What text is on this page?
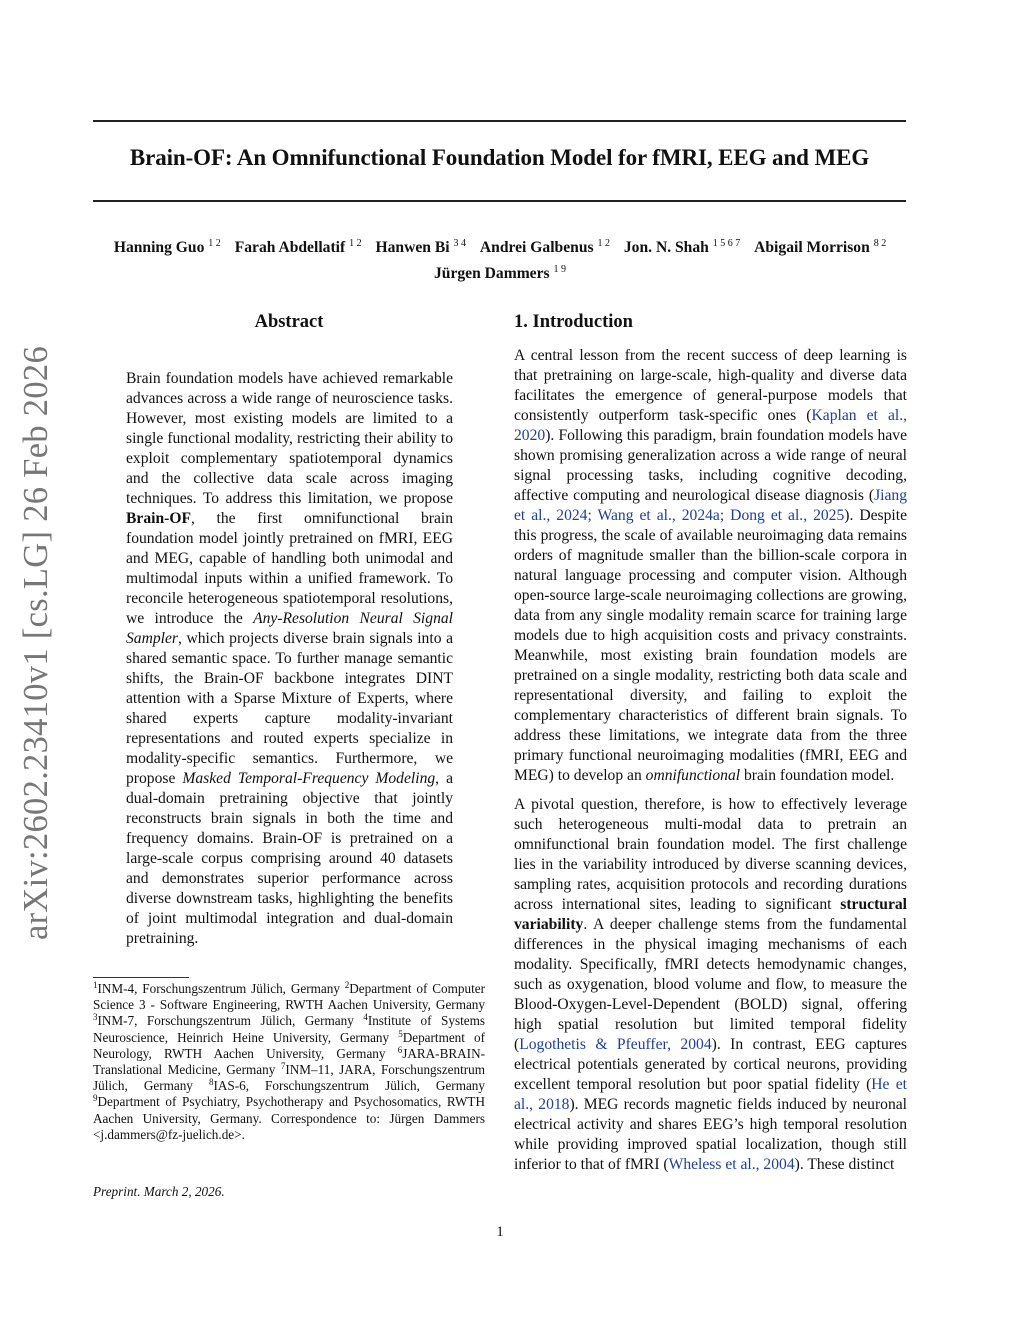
Brain-OF: An Omnifunctional Foundation Model for fMRI, EEG and MEG
Hanning Guo $^{1 2}$ Farah Abdellatif $^{1 2}$ Hanwen Bi $^{3 4}$ Andrei Galbenus $^{1 2}$ Jon. N. Shah $^{1 5 6 7}$ Abigail Morrison $^{8 2}$
Jürgen Dammers $^{1 9}$
arXiv:2602.23410v1 [cs.LG] 26 Feb 2026
Abstract
Brain foundation models have achieved remarkable advances across a wide range of neuroscience tasks. However, most existing models are limited to a single functional modality, restricting their ability to exploit complementary spatiotemporal dynamics and the collective data scale across imaging techniques. To address this limitation, we propose Brain-OF, the first omnifunctional brain foundation model jointly pretrained on fMRI, EEG and MEG, capable of handling both unimodal and multimodal inputs within a unified framework. To reconcile heterogeneous spatiotemporal resolutions, we introduce the Any-Resolution Neural Signal Sampler, which projects diverse brain signals into a shared semantic space. To further manage semantic shifts, the Brain-OF backbone integrates DINT attention with a Sparse Mixture of Experts, where shared experts capture modality-invariant representations and routed experts specialize in modality-specific semantics. Furthermore, we propose Masked Temporal-Frequency Modeling, a dual-domain pretraining objective that jointly reconstructs brain signals in both the time and frequency domains. Brain-OF is pretrained on a large-scale corpus comprising around 40 datasets and demonstrates superior performance across diverse downstream tasks, highlighting the benefits of joint multimodal integration and dual-domain pretraining.
$^1$INM-4, Forschungszentrum Jülich, Germany $^2$Department of Computer Science 3 - Software Engineering, RWTH Aachen University, Germany $^3$INM-7, Forschungszentrum Jülich, Germany $^4$Institute of Systems Neuroscience, Heinrich Heine University, Germany $^5$Department of Neurology, RWTH Aachen University, Germany $^6$JARA-BRAIN-Translational Medicine, Germany $^7$INM–11, JARA, Forschungszentrum Jülich, Germany $^8$IAS-6, Forschungszentrum Jülich, Germany $^9$Department of Psychiatry, Psychotherapy and Psychosomatics, RWTH Aachen University, Germany. Correspondence to: Jürgen Dammers <j.dammers@fz-juelich.de>.
Preprint. March 2, 2026.
1. Introduction

A central lesson from the recent success of deep learning is that pretraining on large-scale, high-quality and diverse data facilitates the emergence of general-purpose models that consistently outperform task-specific ones (Kaplan et al., 2020). Following this paradigm, brain foundation models have shown promising generalization across a wide range of neural signal processing tasks, including cognitive decoding, affective computing and neurological disease diagnosis (Jiang et al., 2024; Wang et al., 2024a; Dong et al., 2025). Despite this progress, the scale of available neuroimaging data remains orders of magnitude smaller than the billion-scale corpora in natural language processing and computer vision. Although open-source large-scale neuroimaging collections are growing, data from any single modality remain scarce for training large models due to high acquisition costs and privacy constraints. Meanwhile, most existing brain foundation models are pretrained on a single modality, restricting both data scale and representational diversity, and failing to exploit the complementary characteristics of different brain signals. To address these limitations, we integrate data from the three primary functional neuroimaging modalities (fMRI, EEG and MEG) to develop an omnifunctional brain foundation model.

A pivotal question, therefore, is how to effectively leverage such heterogeneous multi-modal data to pretrain an omnifunctional brain foundation model. The first challenge lies in the variability introduced by diverse scanning devices, sampling rates, acquisition protocols and recording durations across international sites, leading to significant structural variability. A deeper challenge stems from the fundamental differences in the physical imaging mechanisms of each modality. Specifically, fMRI detects hemodynamic changes, such as oxygenation, blood volume and flow, to measure the Blood-Oxygen-Level-Dependent (BOLD) signal, offering high spatial resolution but limited temporal fidelity (Logothetis & Pfeuffer, 2004). In contrast, EEG captures electrical potentials generated by cortical neurons, providing excellent temporal resolution but poor spatial fidelity (He et al., 2018). MEG records magnetic fields induced by neuronal electrical activity and shares EEG’s high temporal resolution while providing improved spatial localization, though still inferior to that of fMRI (Wheless et al., 2004). These distinct

1
